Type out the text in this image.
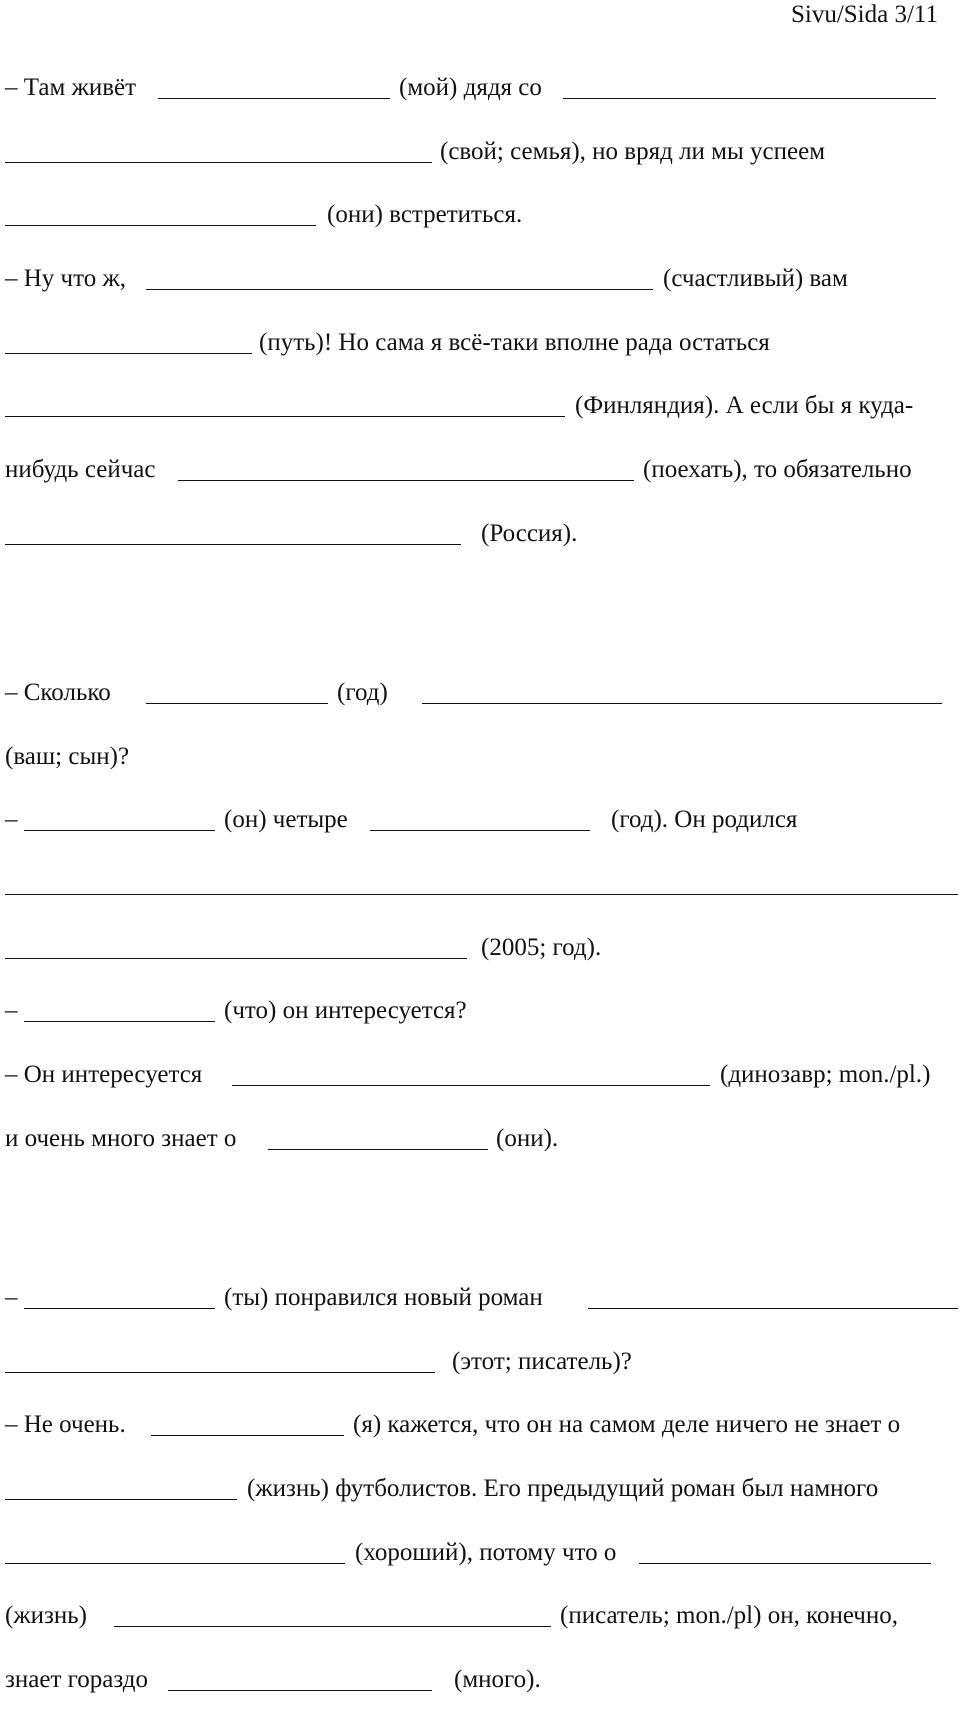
Sivu/Sida 3/11
– Там живёт	(мой) дядя со
(свой; семья), но вряд ли мы успеем
(они) встретиться.
– Ну что ж,	(счастливый) вам
(путь)! Но сама я всё-таки вполне рада остаться
(Финляндия). А если бы я куда-
нибудь сейчас	(поехать), то обязательно
(Россия).
– Сколько	(год)
(ваш; сын)?
–	(он) четыре	(год). Он родился
(2005; год).
–	(что) он интересуется?
– Он интересуется	(динозавр; mon./pl.)
и очень много знает о	(они).
–	(ты) понравился новый роман
(этот; писатель)?
– Не очень.	(я) кажется, что он на самом деле ничего не знает о
(жизнь) футболистов. Его предыдущий роман был намного
(хороший), потому что о
(жизнь)	(писатель; mon./pl) он, конечно,
знает гораздо	(много).
